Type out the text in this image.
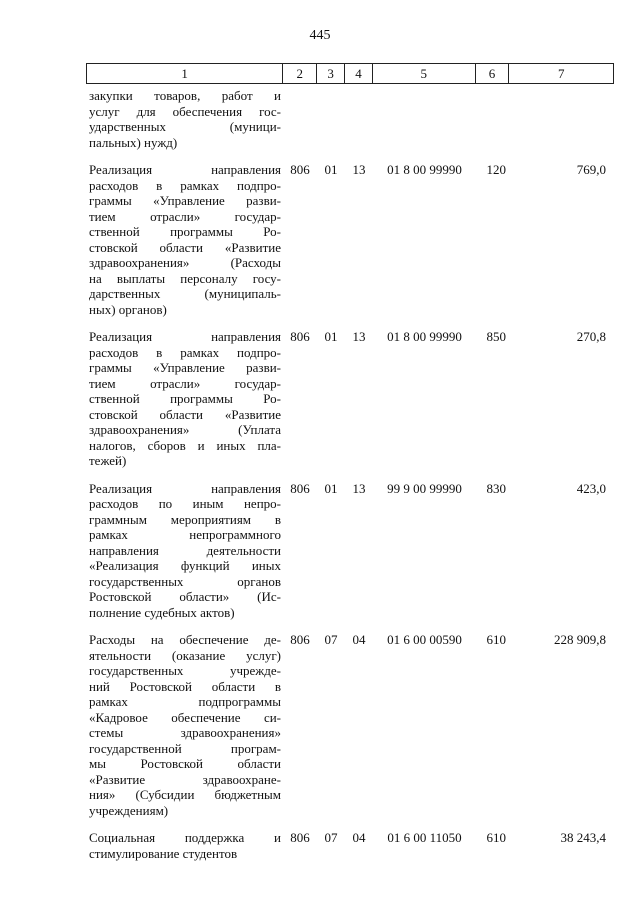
445
1	2	3	4	5	6	7
закупки товаров, работ и
услуг для обеспечения гос-
ударственных (муници-
пальных) нужд)
Реализация направления
расходов в рамках подпро-
граммы «Управление разви-
тием отрасли» государ-
ственной программы Ро-
стовской области «Развитие
здравоохранения» (Расходы
на выплаты персоналу госу-
дарственных (муниципаль-
ных) органов)
806	01	13	01 8 00 99990	120	769,0
Реализация направления
расходов в рамках подпро-
граммы «Управление разви-
тием отрасли» государ-
ственной программы Ро-
стовской области «Развитие
здравоохранения» (Уплата
налогов, сборов и иных пла-
тежей)
806	01	13	01 8 00 99990	850	270,8
Реализация направления
расходов по иным непро-
граммным мероприятиям в
рамках непрограммного
направления деятельности
«Реализация функций иных
государственных органов
Ростовской области» (Ис-
полнение судебных актов)
806	01	13	99 9 00 99990	830	423,0
Расходы на обеспечение де-
ятельности (оказание услуг)
государственных учрежде-
ний Ростовской области в
рамках подпрограммы
«Кадровое обеспечение си-
стемы здравоохранения»
государственной програм-
мы Ростовской области
«Развитие здравоохране-
ния» (Субсидии бюджетным
учреждениям)
806	07	04	01 6 00 00590	610	228 909,8
Социальная поддержка и
стимулирование студентов
806	07	04	01 6 00 11050	610	38 243,4
